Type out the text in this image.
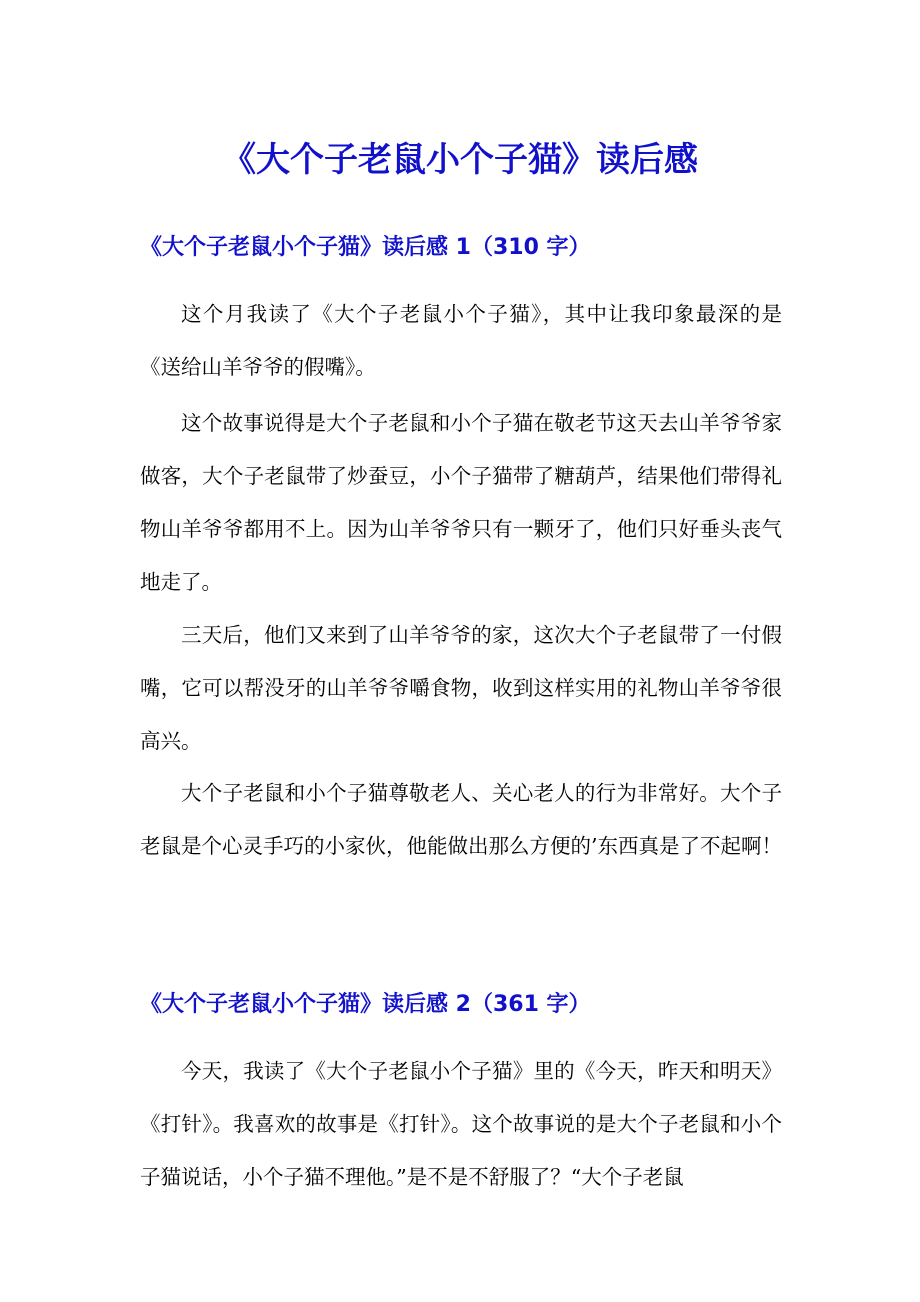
《大个子老鼠小个子猫》读后感
《大个子老鼠小个子猫》读后感 1（310 字）

这个月我读了《大个子老鼠小个子猫》，其中让我印象最深的是《送给山羊爷爷的假嘴》。

这个故事说得是大个子老鼠和小个子猫在敬老节这天去山羊爷爷家做客，大个子老鼠带了炒蚕豆，小个子猫带了糖葫芦，结果他们带得礼物山羊爷爷都用不上。因为山羊爷爷只有一颗牙了，他们只好垂头丧气地走了。

三天后，他们又来到了山羊爷爷的家，这次大个子老鼠带了一付假嘴，它可以帮没牙的山羊爷爷嚼食物，收到这样实用的礼物山羊爷爷很高兴。

大个子老鼠和小个子猫尊敬老人、关心老人的行为非常好。大个子老鼠是个心灵手巧的小家伙，他能做出那么方便的’东西真是了不起啊！

《大个子老鼠小个子猫》读后感 2（361 字）

今天，我读了《大个子老鼠小个子猫》里的《今天，昨天和明天》《打针》。我喜欢的故事是《打针》。这个故事说的是大个子老鼠和小个子猫说话，小个子猫不理他。”是不是不舒服了？“大个子老鼠
